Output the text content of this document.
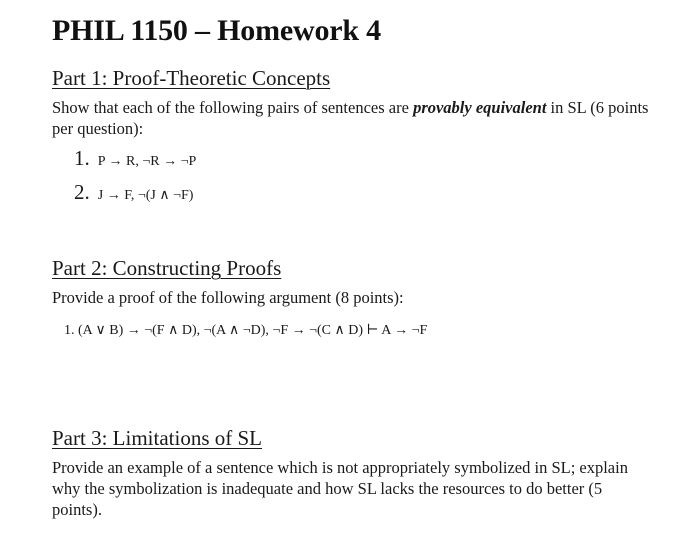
PHIL 1150 – Homework 4
Part 1: Proof-Theoretic Concepts

Show that each of the following pairs of sentences are provably equivalent in SL (6 points per question):

1. P → R, ¬R → ¬P
2. J → F, ¬(J ∧ ¬F)
Part 2: Constructing Proofs

Provide a proof of the following argument (8 points):

1. (A ∨ B) → ¬(F ∧ D), ¬(A ∧ ¬D), ¬F → ¬(C ∧ D) ⊢ A → ¬F
Part 3: Limitations of SL

Provide an example of a sentence which is not appropriately symbolized in SL; explain why the symbolization is inadequate and how SL lacks the resources to do better (5 points).
